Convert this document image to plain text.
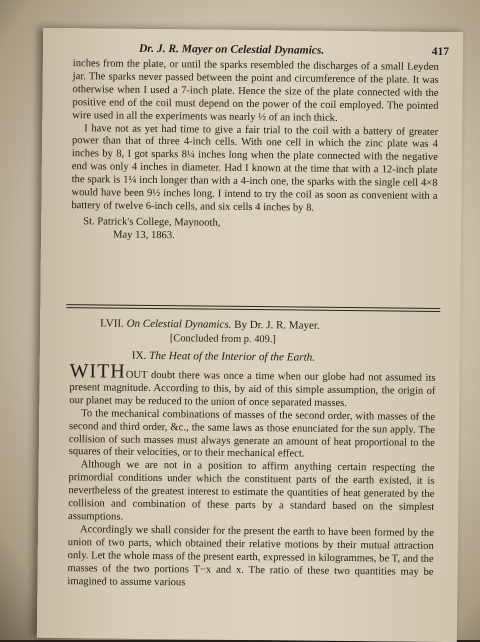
Dr. J. R. Mayer on Celestial Dynamics.	417

inches from the plate, or until the sparks resembled the discharges of a small Leyden jar. The sparks never passed between the point and circumference of the plate. It was otherwise when I used a 7-inch plate. Hence the size of the plate connected with the positive end of the coil must depend on the power of the coil employed. The pointed wire used in all the experiments was nearly ½ of an inch thick.

I have not as yet had time to give a fair trial to the coil with a battery of greater power than that of three 4-inch cells. With one cell in which the zinc plate was 4 inches by 8, I got sparks 8¼ inches long when the plate connected with the negative end was only 4 inches in diameter. Had I known at the time that with a 12-inch plate the spark is 1¼ inch longer than with a 4-inch one, the sparks with the single cell 4×8 would have been 9½ inches long. I intend to try the coil as soon as convenient with a battery of twelve 6-inch cells, and six cells 4 inches by 8.

St. Patrick's College, Maynooth,
May 13, 1863.
LVII. On Celestial Dynamics. By Dr. J. R. Mayer.
[Concluded from p. 409.]
IX. The Heat of the Interior of the Earth.

WITHOUT doubt there was once a time when our globe had not assumed its present magnitude. According to this, by aid of this simple assumption, the origin of our planet may be reduced to the union of once separated masses.

To the mechanical combinations of masses of the second order, with masses of the second and third order, &c., the same laws as those enunciated for the sun apply. The collision of such masses must always generate an amount of heat proportional to the squares of their velocities, or to their mechanical effect.

Although we are not in a position to affirm anything certain respecting the primordial conditions under which the constituent parts of the earth existed, it is nevertheless of the greatest interest to estimate the quantities of heat generated by the collision and combination of these parts by a standard based on the simplest assumptions.

Accordingly we shall consider for the present the earth to have been formed by the union of two parts, which obtained their relative motions by their mutual attraction only. Let the whole mass of the present earth, expressed in kilogrammes, be T, and the masses of the two portions T−x and x. The ratio of these two quantities may be imagined to assume various
